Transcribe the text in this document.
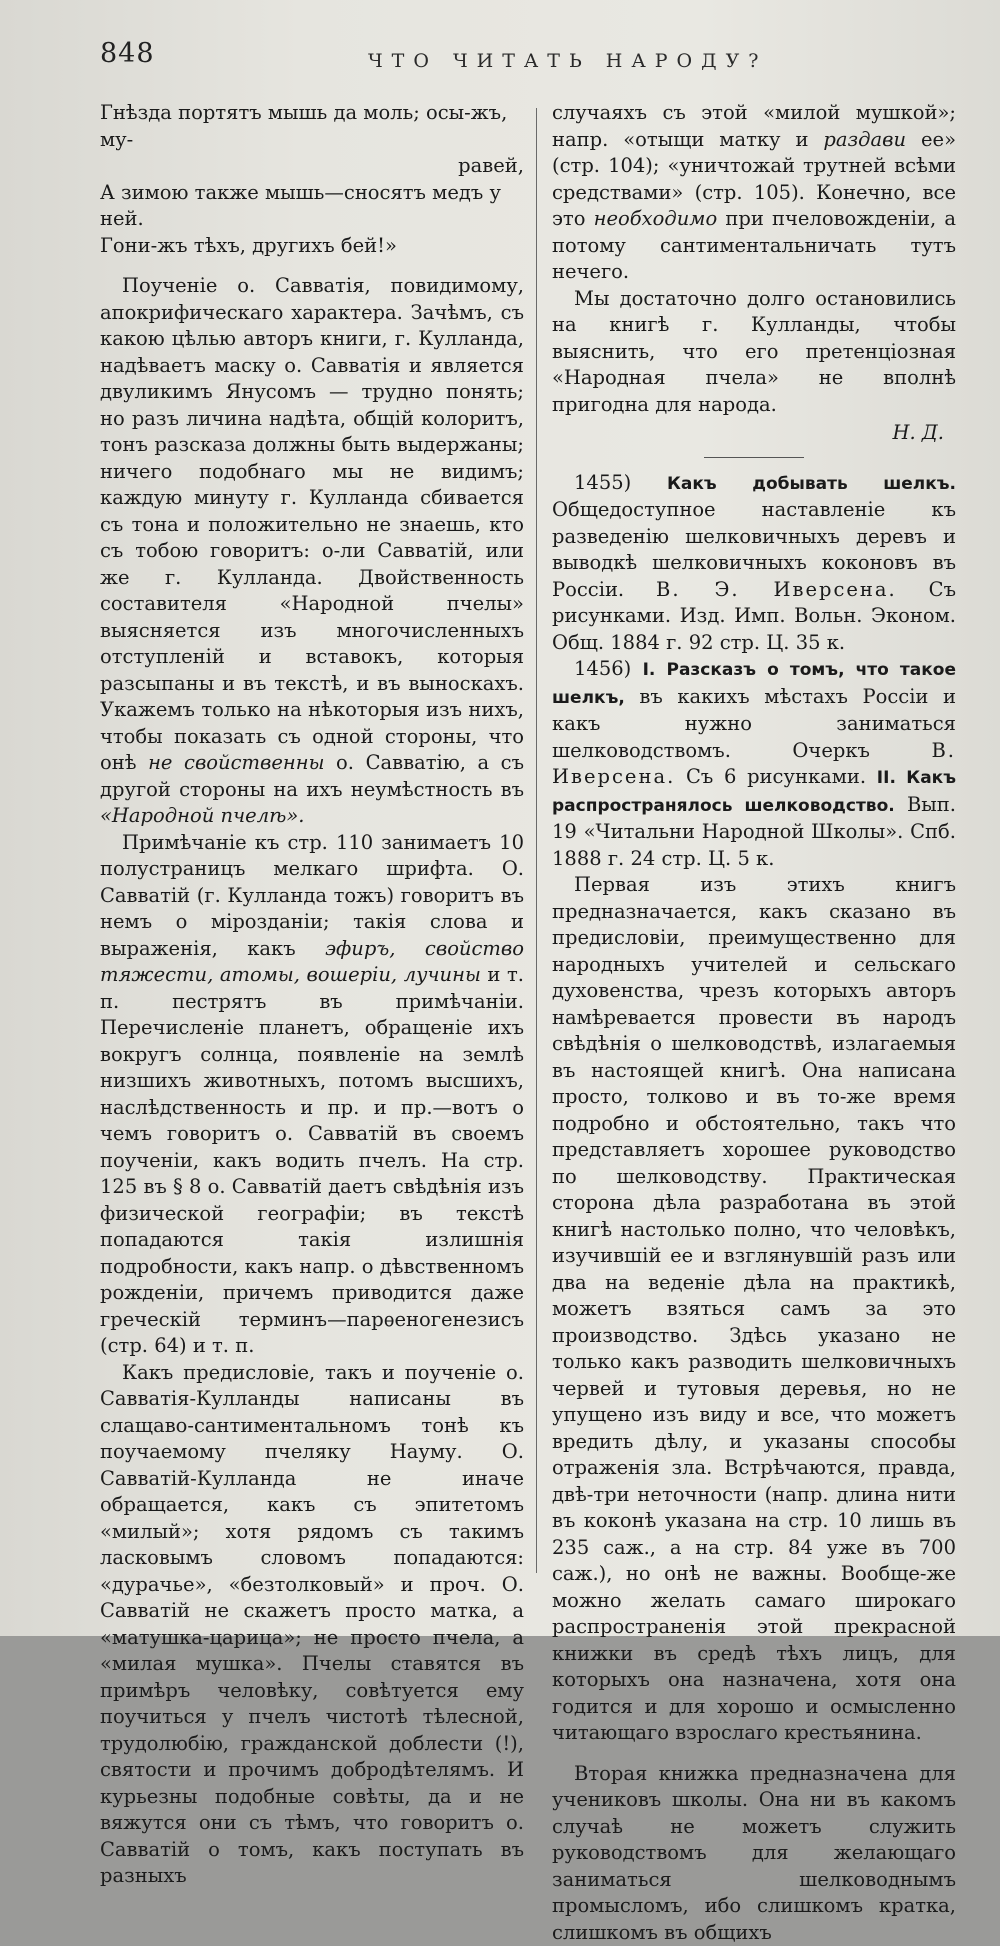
848	ЧТО ЧИТАТЬ НАРОДУ?
Гнѣзда портятъ мышь да моль; осы-жъ, му-
равей,
А зимою также мышь—сносятъ медъ у ней.
Гони-жъ тѣхъ, другихъ бей!»

Поученіе о. Савватія, повидимому, апокрифическаго характера. Зачѣмъ, съ какою цѣлью авторъ книги, г. Кулланда, надѣваетъ маску о. Савватія и является двуликимъ Янусомъ — трудно понять; но разъ личина надѣта, общій колоритъ, тонъ разсказа должны быть выдержаны; ничего подобнаго мы не видимъ; каждую минуту г. Кулланда сбивается съ тона и положительно не знаешь, кто съ тобою говоритъ: о-ли Савватій, или же г. Кулланда. Двойственность составителя «Народной пчелы» выясняется изъ многочисленныхъ отступленій и вставокъ, которыя разсыпаны и въ текстѣ, и въ выноскахъ. Укажемъ только на нѣкоторыя изъ нихъ, чтобы показать съ одной стороны, что онѣ не свойственны о. Савватію, а съ другой стороны на ихъ неумѣстность въ «Народной пчелѣ».

Примѣчаніе къ стр. 110 занимаетъ 10 полустраницъ мелкаго шрифта. О. Савватій (г. Кулланда тожъ) говоритъ въ немъ о мірозданіи; такія слова и выраженія, какъ эфиръ, свойство тяжести, атомы, вошеріи, лучины и т. п. пестрятъ въ примѣчаніи. Перечисленіе планетъ, обращеніе ихъ вокругъ солнца, появленіе на землѣ низшихъ животныхъ, потомъ высшихъ, наслѣдственность и пр. и пр.—вотъ о чемъ говоритъ о. Савватій въ своемъ поученіи, какъ водить пчелъ. На стр. 125 въ § 8 о. Савватій даетъ свѣдѣнія изъ физической географіи; въ текстѣ попадаются такія излишнія подробности, какъ напр. о дѣвственномъ рожденіи, причемъ приводится даже греческій терминъ—парѳеногенезисъ (стр. 64) и т. п.

Какъ предисловіе, такъ и поученіе о. Савватія-Кулланды написаны въ слащаво-сантиментальномъ тонѣ къ поучаемому пчеляку Науму. О. Савватій-Кулланда не иначе обращается, какъ съ эпитетомъ «милый»; хотя рядомъ съ такимъ ласковымъ словомъ попадаются: «дурачье», «безтолковый» и проч. О. Савватій не скажетъ просто матка, а «матушка-царица»; не просто пчела, а «милая мушка». Пчелы ставятся въ примѣръ человѣку, совѣтуется ему поучиться у пчелъ чистотѣ тѣлесной, трудолюбію, гражданской доблести (!), святости и прочимъ добродѣтелямъ. И курьезны подобные совѣты, да и не вяжутся они съ тѣмъ, что говоритъ о. Савватій о томъ, какъ поступать въ разныхъ

случаяхъ съ этой «милой мушкой»; напр. «отыщи матку и раздави ее» (стр. 104); «уничтожай трутней всѣми средствами» (стр. 105). Конечно, все это необходимо при пчеловожденіи, а потому сантиментальничать тутъ нечего.

Мы достаточно долго остановились на книгѣ г. Кулланды, чтобы выяснить, что его претенціозная «Народная пчела» не вполнѣ пригодна для народа.

Н. Д.

1455) Какъ добывать шелкъ. Общедоступное наставленіе къ разведенію шелковичныхъ деревъ и выводкѣ шелковичныхъ коконовъ въ Россіи. В. Э. Иверсена. Съ рисунками. Изд. Имп. Вольн. Эконом. Общ. 1884 г. 92 стр. Ц. 35 к.

1456) I. Разсказъ о томъ, что такое шелкъ, въ какихъ мѣстахъ Россіи и какъ нужно заниматься шелководствомъ. Очеркъ В. Иверсена. Съ 6 рисунками. II. Какъ распространялось шелководство. Вып. 19 «Читальни Народной Школы». Спб. 1888 г. 24 стр. Ц. 5 к.

Первая изъ этихъ книгъ предназначается, какъ сказано въ предисловіи, преимущественно для народныхъ учителей и сельскаго духовенства, чрезъ которыхъ авторъ намѣревается провести въ народъ свѣдѣнія о шелководствѣ, излагаемыя въ настоящей книгѣ. Она написана просто, толково и въ то-же время подробно и обстоятельно, такъ что представляетъ хорошее руководство по шелководству. Практическая сторона дѣла разработана въ этой книгѣ настолько полно, что человѣкъ, изучившій ее и взглянувшій разъ или два на веденіе дѣла на практикѣ, можетъ взяться самъ за это производство. Здѣсь указано не только какъ разводить шелковичныхъ червей и тутовыя деревья, но не упущено изъ виду и все, что можетъ вредить дѣлу, и указаны способы отраженія зла. Встрѣчаются, правда, двѣ-три неточности (напр. длина нити въ коконѣ указана на стр. 10 лишь въ 235 саж., а на стр. 84 уже въ 700 саж.), но онѣ не важны. Вообще-же можно желать самаго широкаго распространенія этой прекрасной книжки въ средѣ тѣхъ лицъ, для которыхъ она назначена, хотя она годится и для хорошо и осмысленно читающаго взрослаго крестьянина.

Вторая книжка предназначена для учениковъ школы. Она ни въ какомъ случаѣ не можетъ служить руководствомъ для желающаго заниматься шелководнымъ промысломъ, ибо слишкомъ кратка, слишкомъ въ общихъ
